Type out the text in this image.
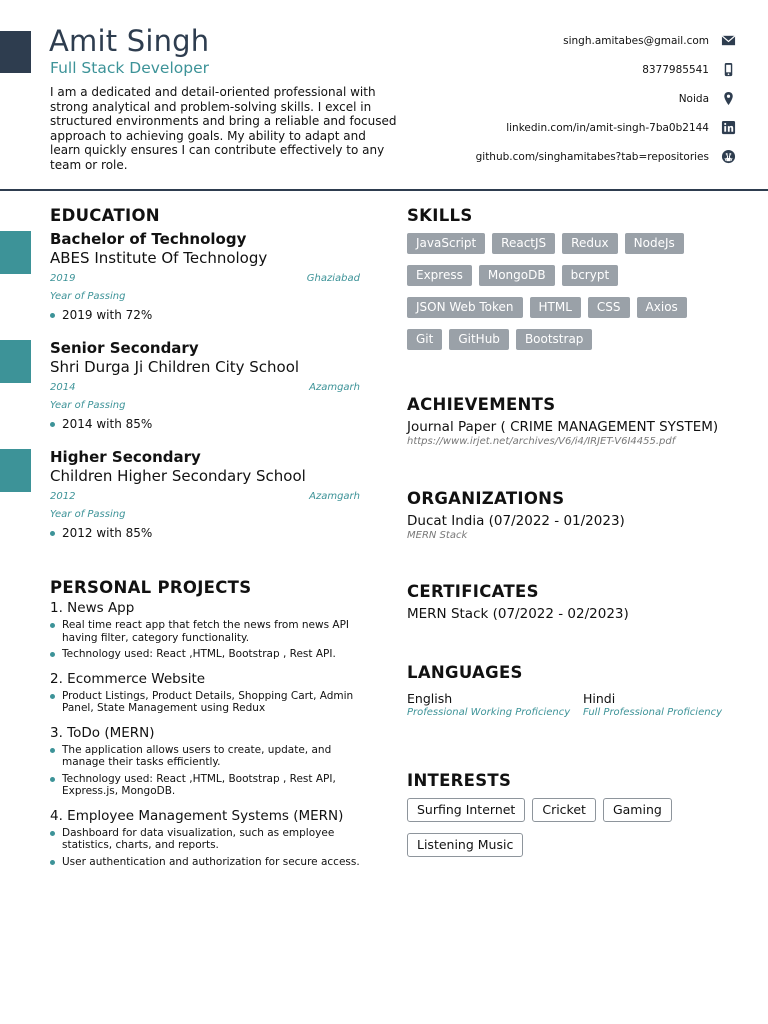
Amit Singh
Full Stack Developer
I am a dedicated and detail-oriented professional with strong analytical and problem-solving skills. I excel in structured environments and bring a reliable and focused approach to achieving goals. My ability to adapt and learn quickly ensures I can contribute effectively to any team or role.
singh.amitabes@gmail.com
8377985541
Noida
linkedin.com/in/amit-singh-7ba0b2144
github.com/singhamitabes?tab=repositories
EDUCATION
Bachelor of Technology
ABES Institute Of Technology
2019	Ghaziabad
Year of Passing
2019 with 72%
Senior Secondary
Shri Durga Ji Children City School
2014	Azamgarh
Year of Passing
2014 with 85%
Higher Secondary
Children Higher Secondary School
2012	Azamgarh
Year of Passing
2012 with 85%
PERSONAL PROJECTS
1. News App
Real time react app that fetch the news from news API having filter, category functionality.
Technology used: React ,HTML, Bootstrap , Rest API.
2. Ecommerce Website
Product Listings, Product Details, Shopping Cart, Admin Panel, State Management using Redux
3. ToDo (MERN)
The application allows users to create, update, and manage their tasks efficiently.
Technology used: React ,HTML, Bootstrap , Rest API, Express.js, MongoDB.
4. Employee Management Systems (MERN)
Dashboard for data visualization, such as employee statistics, charts, and reports.
User authentication and authorization for secure access.
SKILLS
JavaScript	ReactJS	Redux	NodeJs
Express	MongoDB	bcrypt
JSON Web Token	HTML	CSS	Axios
Git	GitHub	Bootstrap
ACHIEVEMENTS
Journal Paper ( CRIME MANAGEMENT SYSTEM)
https://www.irjet.net/archives/V6/i4/IRJET-V6I4455.pdf
ORGANIZATIONS
Ducat India (07/2022 - 01/2023)
MERN Stack
CERTIFICATES
MERN Stack (07/2022 - 02/2023)
LANGUAGES
English
Professional Working Proficiency
Hindi
Full Professional Proficiency
INTERESTS
Surfing Internet	Cricket	Gaming
Listening Music
